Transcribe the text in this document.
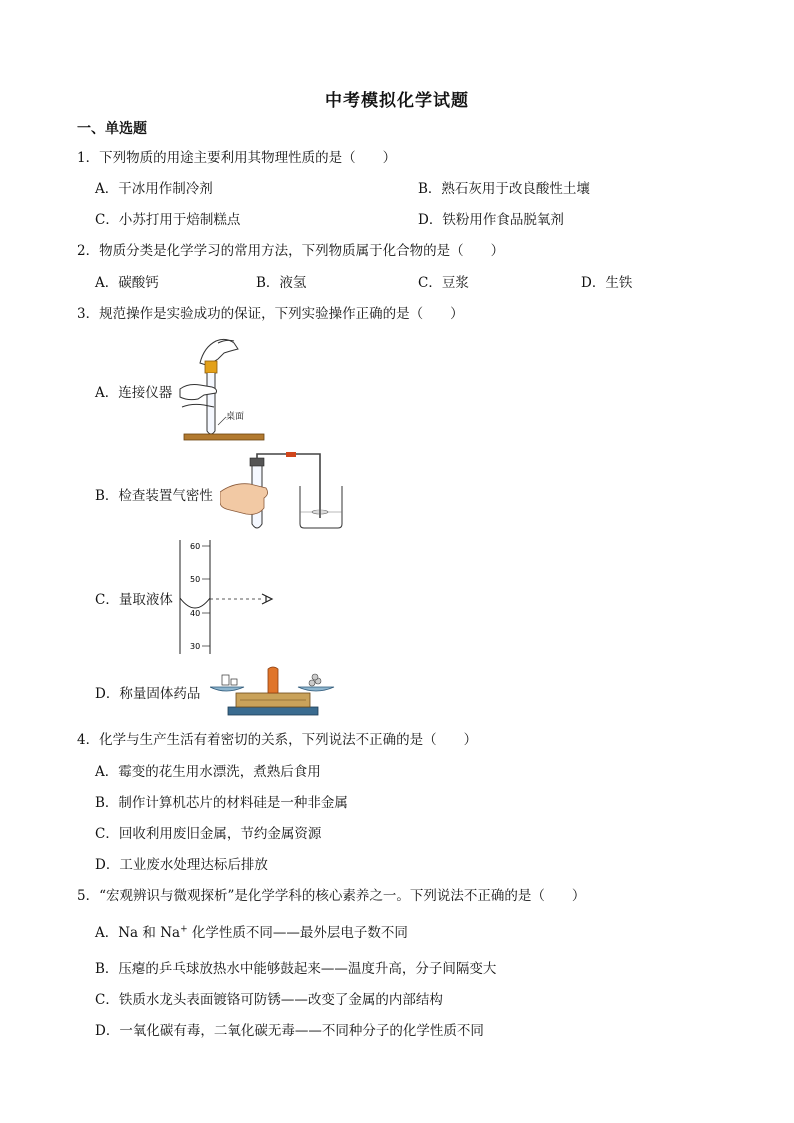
中考模拟化学试题
一、单选题
1．下列物质的用途主要利用其物理性质的是（　　）
A．干冰用作制冷剂	B．熟石灰用于改良酸性土壤
C．小苏打用于焙制糕点	D．铁粉用作食品脱氧剂
2．物质分类是化学学习的常用方法，下列物质属于化合物的是（　　）
A．碳酸钙	B．液氢	C．豆浆	D．生铁
3．规范操作是实验成功的保证，下列实验操作正确的是（　　）
A．连接仪器
桌面
B．检查装置气密性
C．量取液体
60
50
40
30
D．称量固体药品
4．化学与生产生活有着密切的关系，下列说法不正确的是（　　）
A．霉变的花生用水漂洗，煮熟后食用
B．制作计算机芯片的材料硅是一种非金属
C．回收利用废旧金属，节约金属资源
D．工业废水处理达标后排放
5．“宏观辨识与微观探析”是化学学科的核心素养之一。下列说法不正确的是（　　）
A．Na 和 Na+ 化学性质不同——最外层电子数不同
B．压瘪的乒乓球放热水中能够鼓起来——温度升高，分子间隔变大
C．铁质水龙头表面镀铬可防锈——改变了金属的内部结构
D．一氧化碳有毒，二氧化碳无毒——不同种分子的化学性质不同
